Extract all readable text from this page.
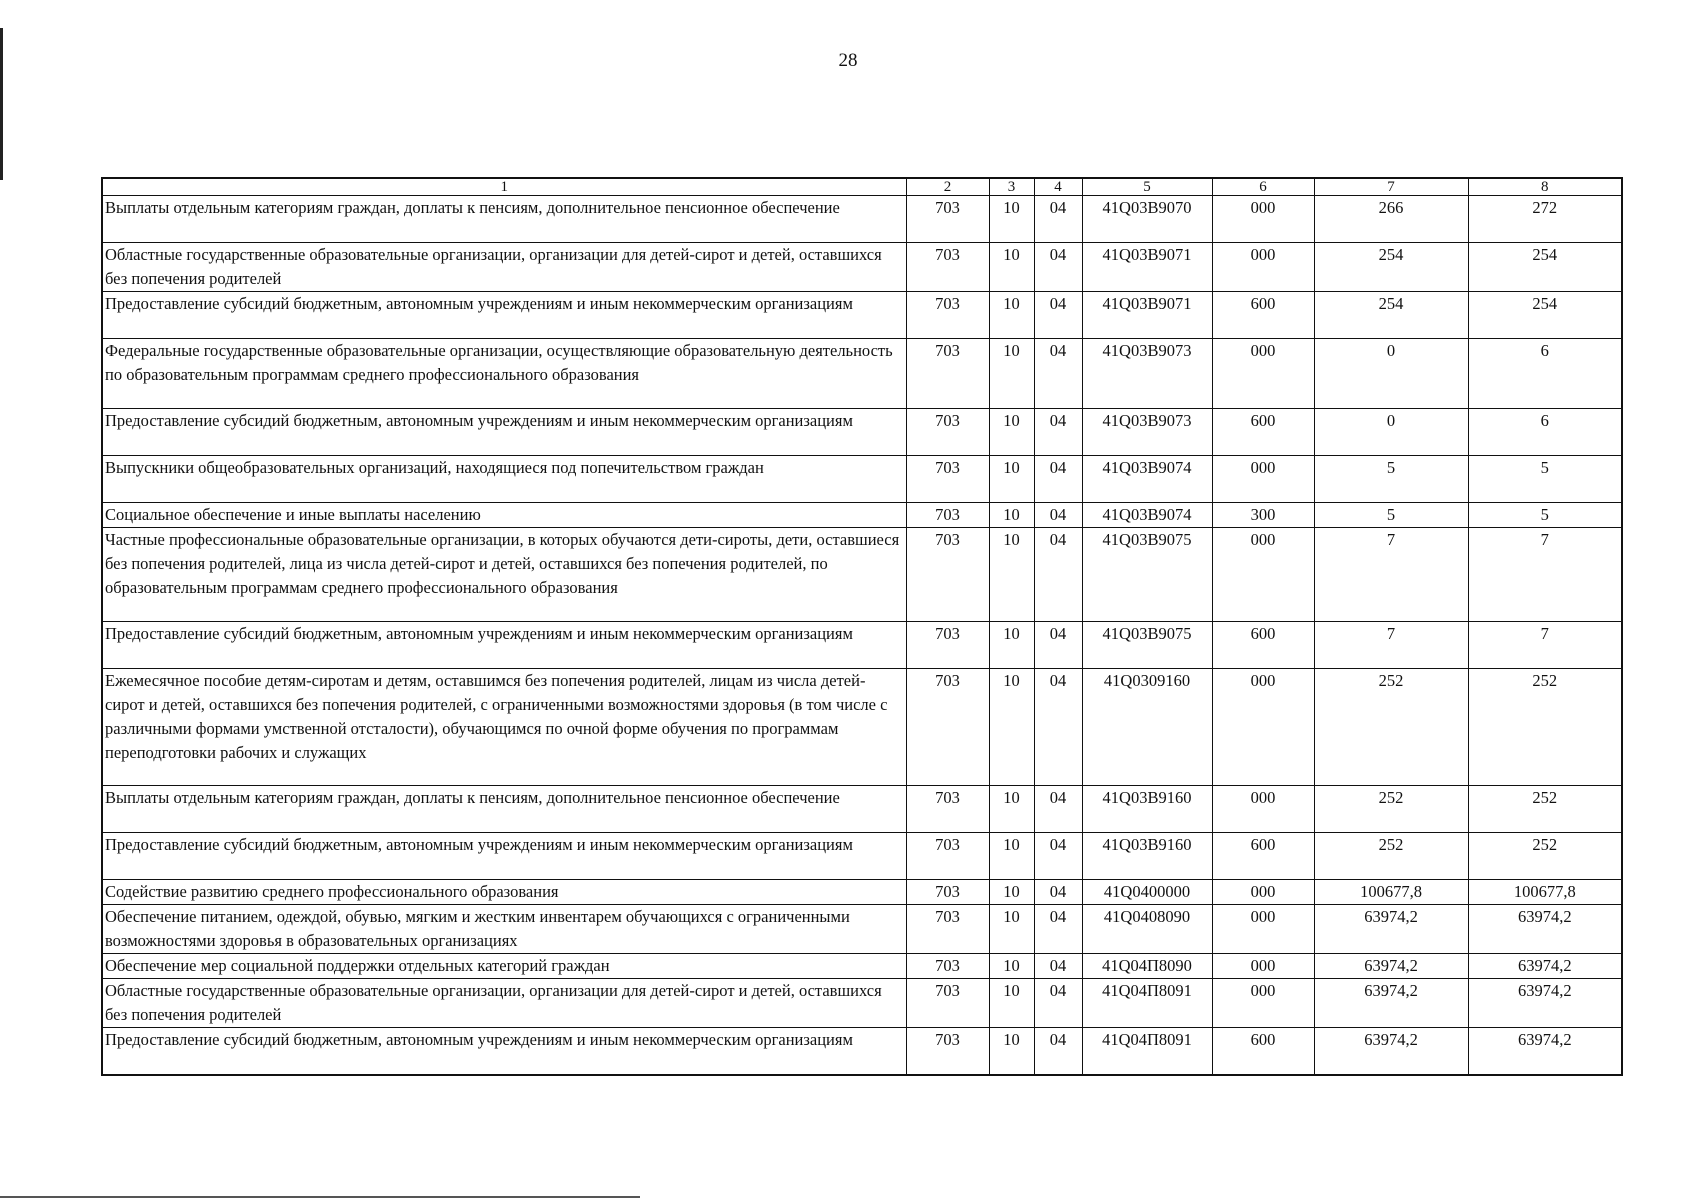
28
1	2	3	4	5	6	7	8
Выплаты отдельным категориям граждан, доплаты к пенсиям, дополнительное пенсионное обеспечение	703	10	04	41Q03B9070	000	266	272
Областные государственные образовательные организации, организации для детей-сирот и детей, оставшихся без попечения родителей	703	10	04	41Q03B9071	000	254	254
Предоставление субсидий бюджетным, автономным учреждениям и иным некоммерческим организациям	703	10	04	41Q03B9071	600	254	254
Федеральные государственные образовательные организации, осуществляющие образовательную деятельность по образовательным программам среднего профессионального образования	703	10	04	41Q03B9073	000	0	6
Предоставление субсидий бюджетным, автономным учреждениям и иным некоммерческим организациям	703	10	04	41Q03B9073	600	0	6
Выпускники общеобразовательных организаций, находящиеся под попечительством граждан	703	10	04	41Q03B9074	000	5	5
Социальное обеспечение и иные выплаты населению	703	10	04	41Q03B9074	300	5	5
Частные профессиональные образовательные организации, в которых обучаются дети-сироты, дети, оставшиеся без попечения родителей, лица из числа детей-сирот и детей, оставшихся без попечения родителей, по образовательным программам среднего профессионального образования	703	10	04	41Q03B9075	000	7	7
Предоставление субсидий бюджетным, автономным учреждениям и иным некоммерческим организациям	703	10	04	41Q03B9075	600	7	7
Ежемесячное пособие детям-сиротам и детям, оставшимся без попечения родителей, лицам из числа детей-сирот и детей, оставшихся без попечения родителей, с ограниченными возможностями здоровья (в том числе с различными формами умственной отсталости), обучающимся по очной форме обучения по программам переподготовки рабочих и служащих	703	10	04	41Q0309160	000	252	252
Выплаты отдельным категориям граждан, доплаты к пенсиям, дополнительное пенсионное обеспечение	703	10	04	41Q03B9160	000	252	252
Предоставление субсидий бюджетным, автономным учреждениям и иным некоммерческим организациям	703	10	04	41Q03B9160	600	252	252
Содействие развитию среднего профессионального образования	703	10	04	41Q0400000	000	100677,8	100677,8
Обеспечение питанием, одеждой, обувью, мягким и жестким инвентарем обучающихся с ограниченными возможностями здоровья в образовательных организациях	703	10	04	41Q0408090	000	63974,2	63974,2
Обеспечение мер социальной поддержки отдельных категорий граждан	703	10	04	41Q04П8090	000	63974,2	63974,2
Областные государственные образовательные организации, организации для детей-сирот и детей, оставшихся без попечения родителей	703	10	04	41Q04П8091	000	63974,2	63974,2
Предоставление субсидий бюджетным, автономным учреждениям и иным некоммерческим организациям	703	10	04	41Q04П8091	600	63974,2	63974,2
